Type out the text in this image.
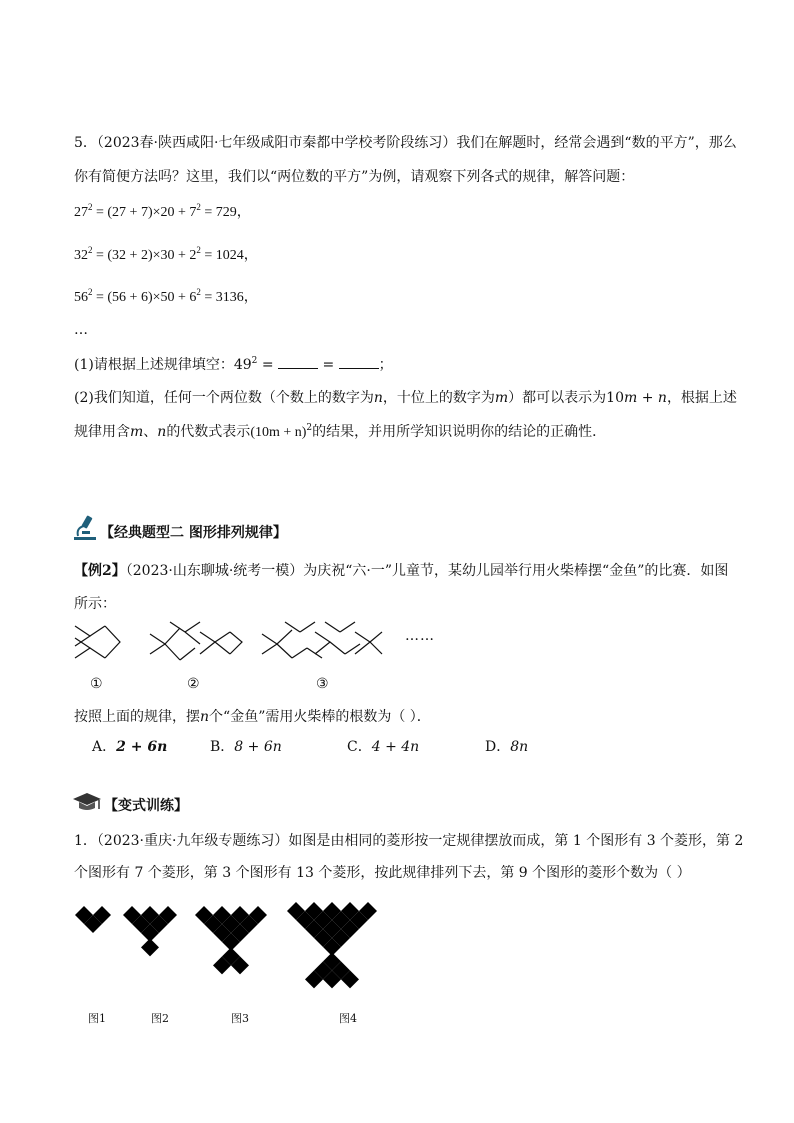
5．（2023春·陕西咸阳·七年级咸阳市秦都中学校考阶段练习）我们在解题时，经常会遇到“数的平方”，那么
你有简便方法吗？这里，我们以“两位数的平方”为例，请观察下列各式的规律，解答问题：
$27^2 = (27 + 7)\times 20 + 7^2 = 729$，
$32^2 = (32 + 2)\times 30 + 2^2 = 1024$，
$56^2 = (56 + 6)\times 50 + 6^2 = 3136$，
…
(1)请根据上述规律填空：$49^2$ =	=	；
(2)我们知道，任何一个两位数（个数上的数字为n，十位上的数字为m）都可以表示为10m + n，根据上述
规律用含m、n的代数式表示$(10m + n)^2$的结果，并用所学知识说明你的结论的正确性．
【经典题型二 图形排列规律】
【例2】（2023·山东聊城·统考一模）为庆祝“六·一”儿童节，某幼儿园举行用火柴棒摆“金鱼”的比赛．如图
所示：
……
①	②	③
按照上面的规律，摆n个“金鱼”需用火柴棒的根数为（ ）．
A．2 + 6n	B．8 + 6n	C．4 + 4n	D．8n
【变式训练】
1．（2023·重庆·九年级专题练习）如图是由相同的菱形按一定规律摆放而成，第 1 个图形有 3 个菱形，第 2
个图形有 7 个菱形，第 3 个图形有 13 个菱形，按此规律排列下去，第 9 个图形的菱形个数为（ ）
图1	图2	图3	图4
